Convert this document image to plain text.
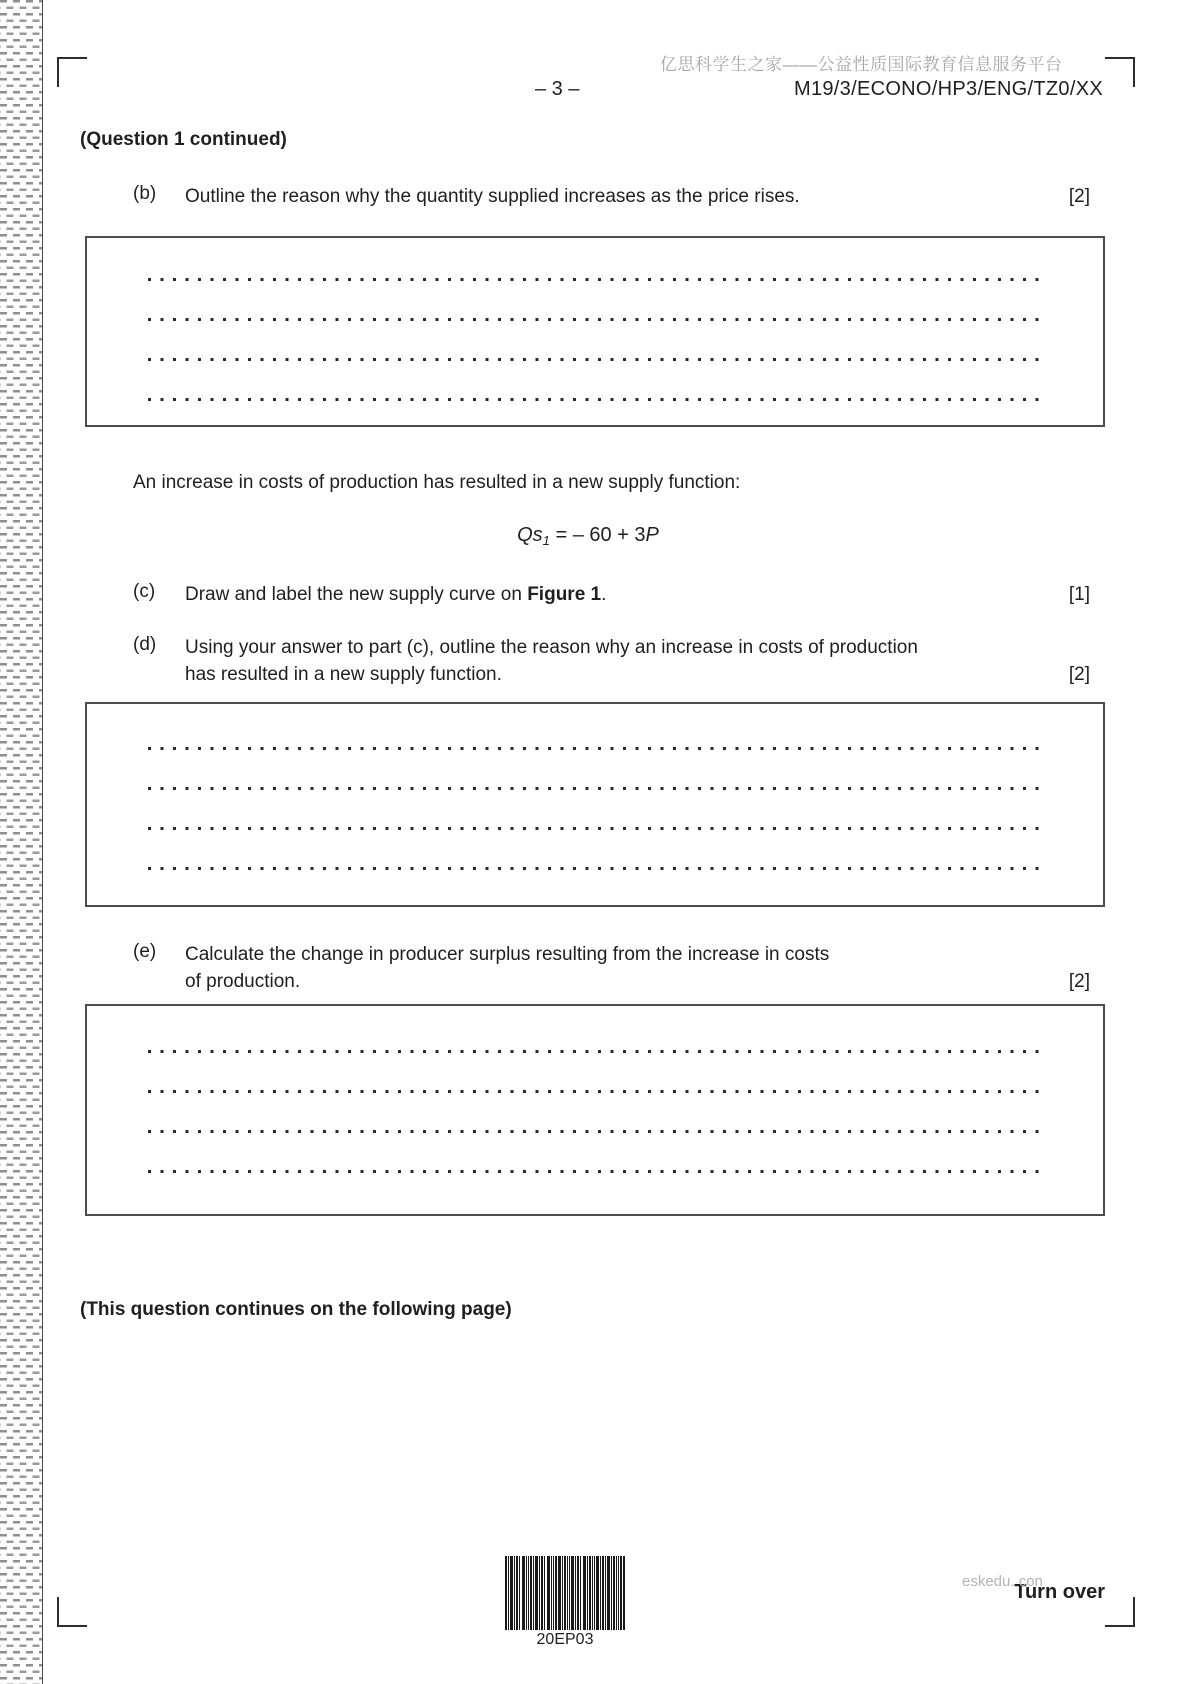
亿思科学生之家——公益性质国际教育信息服务平台
– 3 –	M19/3/ECONO/HP3/ENG/TZ0/XX
(Question 1 continued)
(b)	Outline the reason why the quantity supplied increases as the price rises.	[2]
An increase in costs of production has resulted in a new supply function:
$Qs_1$ = – 60 + 3P
(c)	Draw and label the new supply curve on Figure 1.	[1]
(d)	Using your answer to part (c), outline the reason why an increase in costs of production
has resulted in a new supply function.	[2]
(e)	Calculate the change in producer surplus resulting from the increase in costs
of production.	[2]
(This question continues on the following page)
20EP03
eskedu. con
Turn over
